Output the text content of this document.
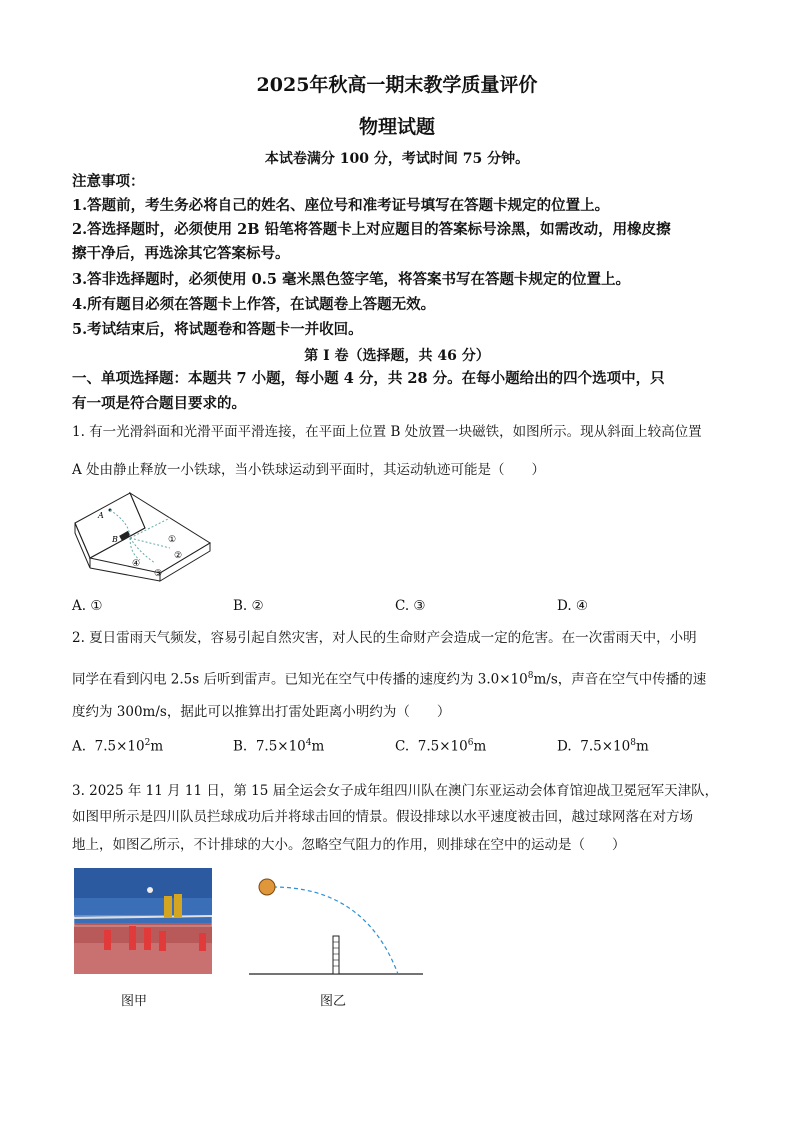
2025年秋高一期末教学质量评价
物理试题
本试卷满分 100 分，考试时间 75 分钟。
注意事项：
1.答题前，考生务必将自己的姓名、座位号和准考证号填写在答题卡规定的位置上。
2.答选择题时，必须使用 2B 铅笔将答题卡上对应题目的答案标号涂黑，如需改动，用橡皮擦
擦干净后，再选涂其它答案标号。
3.答非选择题时，必须使用 0.5 毫米黑色签字笔，将答案书写在答题卡规定的位置上。
4.所有题目必须在答题卡上作答，在试题卷上答题无效。
5.考试结束后，将试题卷和答题卡一并收回。
第 I 卷（选择题，共 46 分）
一、单项选择题：本题共 7 小题，每小题 4 分，共 28 分。在每小题给出的四个选项中，只
有一项是符合题目要求的。
1. 有一光滑斜面和光滑平面平滑连接，在平面上位置 B 处放置一块磁铁，如图所示。现从斜面上较高位置
A 处由静止释放一小铁球，当小铁球运动到平面时，其运动轨迹可能是（　　）
A
B	①
②
④
③
A. ①	B. ②	C. ③	D. ④
2. 夏日雷雨天气频发，容易引起自然灾害，对人民的生命财产会造成一定的危害。在一次雷雨天中，小明
同学在看到闪电 2.5s 后听到雷声。已知光在空气中传播的速度约为 $3.0\times 10^8m/s$，声音在空气中传播的速
度约为 300m/s，据此可以推算出打雷处距离小明约为（　　）
A. $7.5\times 10^2m$	B. $7.5\times 10^4m$	C. $7.5\times 10^6m$	D. $7.5\times 10^8m$
3. 2025 年 11 月 11 日，第 15 届全运会女子成年组四川队在澳门东亚运动会体育馆迎战卫冕冠军天津队，
如图甲所示是四川队员拦球成功后并将球击回的情景。假设排球以水平速度被击回，越过球网落在对方场
地上，如图乙所示，不计排球的大小。忽略空气阻力的作用，则排球在空中的运动是（　　）
图甲	图乙
